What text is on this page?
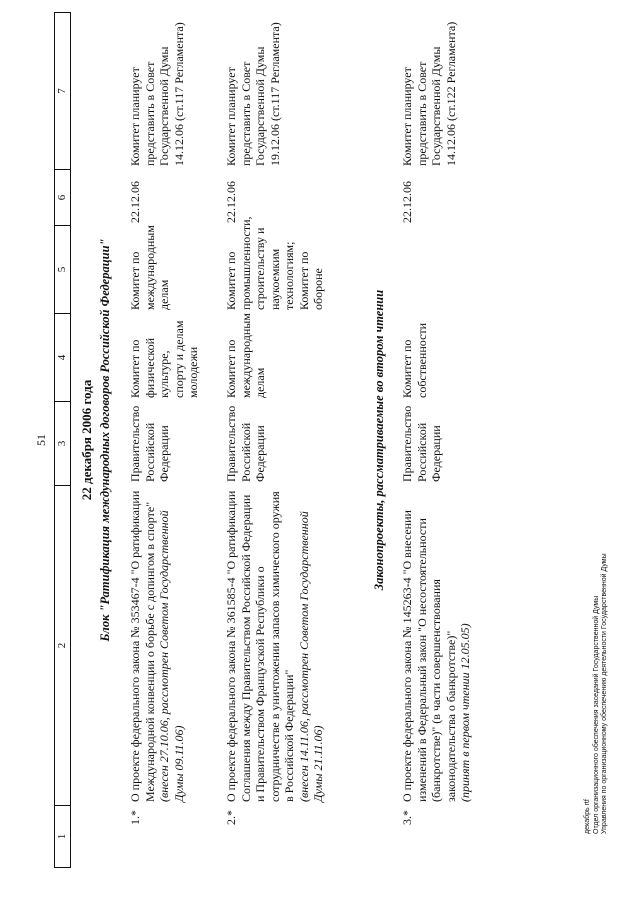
51
1
2
3
4
5
6
7
22 декабря 2006 года Блок "Ратификация международных договоров Российской Федерации"
1.*
О проекте федерального закона № 353467-4 "О ратификации Международной конвенции о борьбе с допингом в спорте" (внесен 27.10.06, рассмотрен Советом Государственной Думы 09.11.06)
Правительство Российской Федерации
Комитет по физической культуре, спорту и делам молодежи
Комитет по международным делам
22.12.06
Комитет планирует представить в Совет Государственной Думы 14.12.06 (ст.117 Регламента)
2.*
О проекте федерального закона № 361585-4 "О ратификации Соглашения между Правительством Российской Федерации и Правительством Французской Республики о сотрудничестве в уничтожении запасов химического оружия в Российской Федерации" (внесен 14.11.06, рассмотрен Советом Государственной Думы 21.11.06)
Правительство Российской Федерации
Комитет по международным делам
Комитет по промышленности, строительству и наукоемким технологиям; Комитет по обороне
22.12.06
Комитет планирует представить в Совет Государственной Думы 19.12.06 (ст.117 Регламента)
Законопроекты, рассматриваемые во втором чтении
3.*
О проекте федерального закона № 145263-4 "О внесении изменений в Федеральный закон "О несостоятельности (банкротстве)" (в части совершенствования законодательства о банкротстве)" (принят в первом чтении 12.05.05)
Правительство Российской Федерации
Комитет по собственности
22.12.06
Комитет планирует представить в Совет Государственной Думы 14.12.06 (ст.122 Регламента)
декабрь rtf Отдел организационного обеспечения заседаний Государственной Думы Управления по организационному обеспечению деятельности Государственной Думы
